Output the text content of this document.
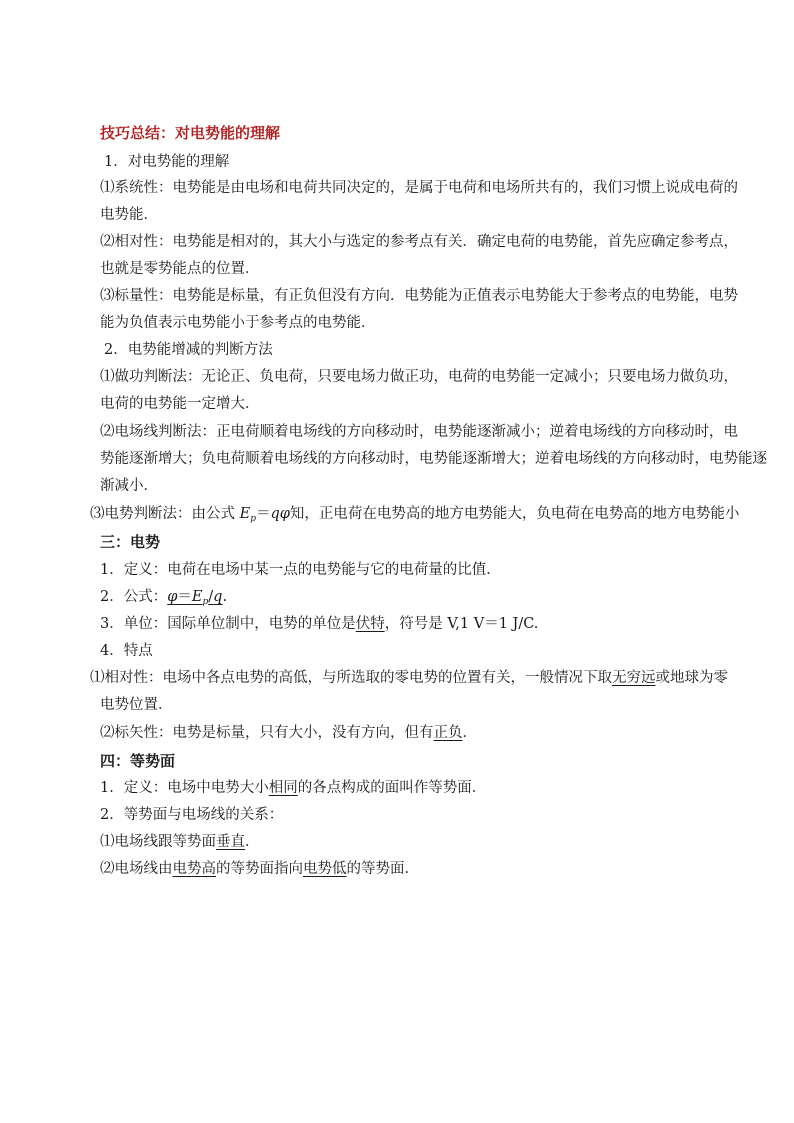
技巧总结：对电势能的理解
1．对电势能的理解
⑴系统性：电势能是由电场和电荷共同决定的，是属于电荷和电场所共有的，我们习惯上说成电荷的
电势能．
⑵相对性：电势能是相对的，其大小与选定的参考点有关．确定电荷的电势能，首先应确定参考点，
也就是零势能点的位置．
⑶标量性：电势能是标量，有正负但没有方向．电势能为正值表示电势能大于参考点的电势能，电势
能为负值表示电势能小于参考点的电势能．
2．电势能增减的判断方法
⑴做功判断法：无论正、负电荷，只要电场力做正功，电荷的电势能一定减小；只要电场力做负功，
电荷的电势能一定增大．
⑵电场线判断法：正电荷顺着电场线的方向移动时，电势能逐渐减小；逆着电场线的方向移动时，电
势能逐渐增大；负电荷顺着电场线的方向移动时，电势能逐渐增大；逆着电场线的方向移动时，电势能逐
渐减小．
⑶电势判断法：由公式 $E_p=q\varphi$知，正电荷在电势高的地方电势能大，负电荷在电势高的地方电势能小
三：电势
1．定义：电荷在电场中某一点的电势能与它的电荷量的比值．
2．公式：$\varphi=E_p/q$.
3．单位：国际单位制中，电势的单位是伏特，符号是 V,1 V＝1 J/C.
4．特点
⑴相对性：电场中各点电势的高低，与所选取的零电势的位置有关，一般情况下取无穷远或地球为零
电势位置．
⑵标矢性：电势是标量，只有大小，没有方向，但有正负．
四：等势面
1．定义：电场中电势大小相同的各点构成的面叫作等势面．
2．等势面与电场线的关系：
⑴电场线跟等势面垂直．
⑵电场线由电势高的等势面指向电势低的等势面．
